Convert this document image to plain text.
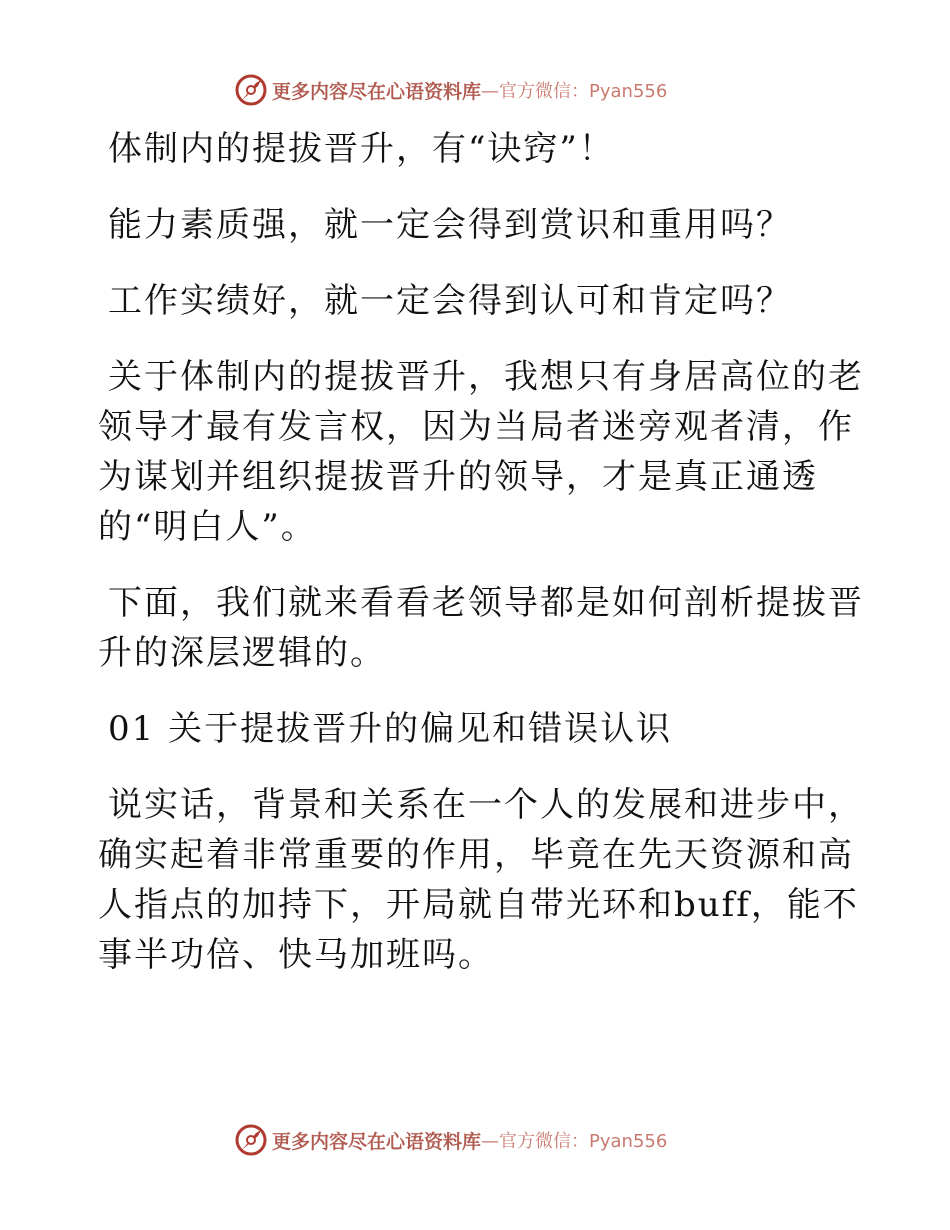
更多内容尽在心语资料库 —官方微信：Pyan556

体制内的提拔晋升，有“诀窍”！

能力素质强，就一定会得到赏识和重用吗？

工作实绩好，就一定会得到认可和肯定吗？

关于体制内的提拔晋升，我想只有身居高位的老领导才最有发言权，因为当局者迷旁观者清，作为谋划并组织提拔晋升的领导，才是真正通透的“明白人”。

下面，我们就来看看老领导都是如何剖析提拔晋升的深层逻辑的。

01 关于提拔晋升的偏见和错误认识

说实话，背景和关系在一个人的发展和进步中，确实起着非常重要的作用，毕竟在先天资源和高人指点的加持下，开局就自带光环和buff，能不事半功倍、快马加班吗。

更多内容尽在心语资料库 —官方微信：Pyan556
